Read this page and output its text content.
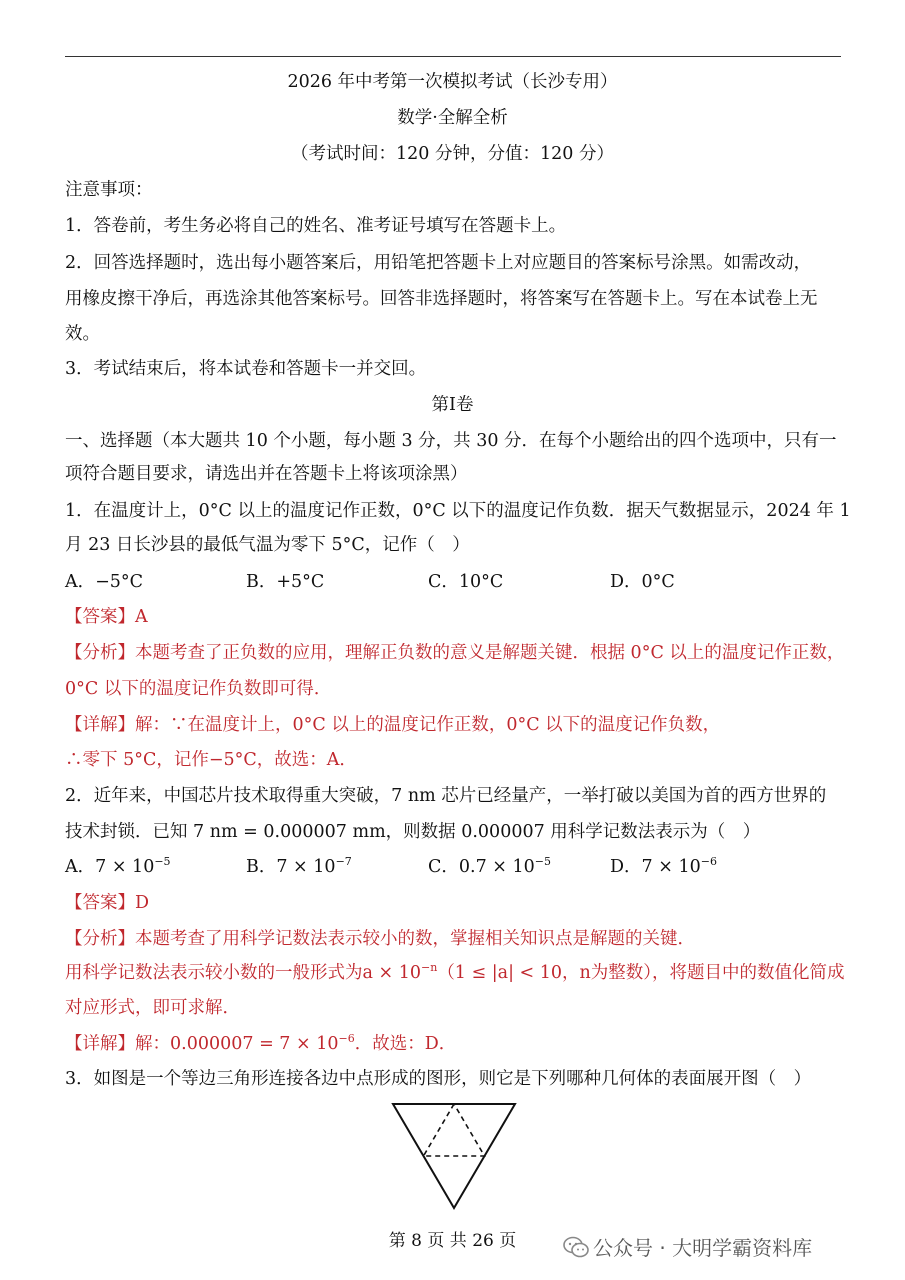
2026 年中考第一次模拟考试（长沙专用）
数学·全解全析
（考试时间：120 分钟，分值：120 分）
注意事项：
1．答卷前，考生务必将自己的姓名、准考证号填写在答题卡上。
2．回答选择题时，选出每小题答案后，用铅笔把答题卡上对应题目的答案标号涂黑。如需改动，
用橡皮擦干净后，再选涂其他答案标号。回答非选择题时，将答案写在答题卡上。写在本试卷上无
效。
3．考试结束后，将本试卷和答题卡一并交回。
第Ⅰ卷
一、选择题（本大题共 10 个小题，每小题 3 分，共 30 分．在每个小题给出的四个选项中，只有一
项符合题目要求，请选出并在答题卡上将该项涂黑）
1．在温度计上，0°C 以上的温度记作正数，0°C 以下的温度记作负数．据天气数据显示，2024 年 1
月 23 日长沙县的最低气温为零下 5°C，记作（　）
A．−5°C	B．+5°C	C．10°C	D．0°C
【答案】A
【分析】本题考查了正负数的应用，理解正负数的意义是解题关键．根据 0°C 以上的温度记作正数，
0°C 以下的温度记作负数即可得．
【详解】解：∵在温度计上，0°C 以上的温度记作正数，0°C 以下的温度记作负数，
∴零下 5°C，记作−5°C，故选：A．
2．近年来，中国芯片技术取得重大突破，7 nm 芯片已经量产，一举打破以美国为首的西方世界的
技术封锁．已知 7 nm = 0.000007 mm，则数据 0.000007 用科学记数法表示为（　）
A．$7 \times 10^{-5}$	B．$7 \times 10^{-7}$	C．$0.7 \times 10^{-5}$	D．$7 \times 10^{-6}$
【答案】D
【分析】本题考查了用科学记数法表示较小的数，掌握相关知识点是解题的关键．
用科学记数法表示较小数的一般形式为$a \times 10^{-n}(1 \le |a| < 10$，n为整数），将题目中的数值化简成
对应形式，即可求解．
【详解】解：$0.000007 = 7 \times 10^{-6}$．故选：D．
3．如图是一个等边三角形连接各边中点形成的图形，则它是下列哪种几何体的表面展开图（　）
第 8 页 共 26 页	公众号 · 大明学霸资料库
